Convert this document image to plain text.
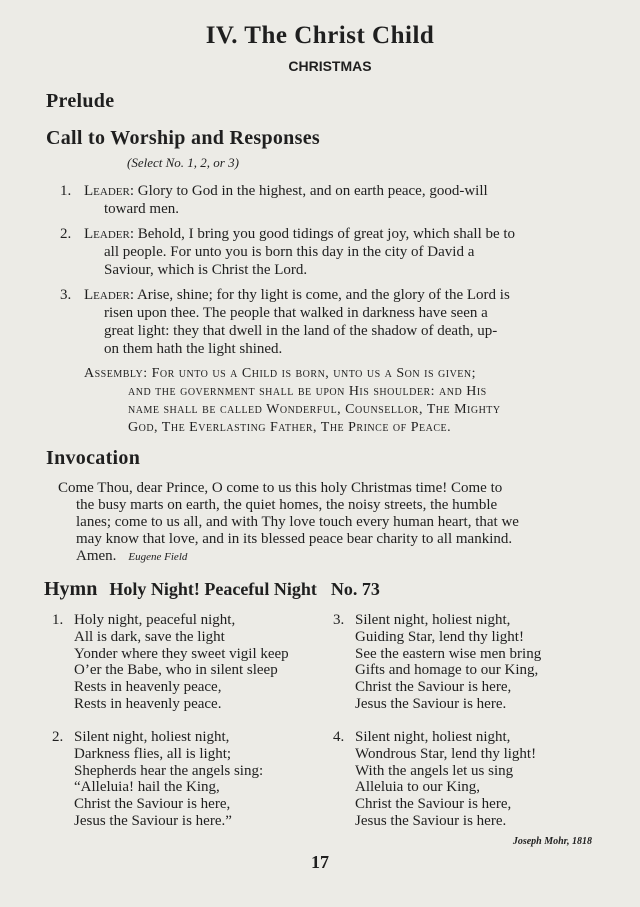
IV. The Christ Child
CHRISTMAS
Prelude
Call to Worship and Responses
(Select No. 1, 2, or 3)
1. Leader: Glory to God in the highest, and on earth peace, good-will
toward men.
2. Leader: Behold, I bring you good tidings of great joy, which shall be to
all people. For unto you is born this day in the city of David a
Saviour, which is Christ the Lord.
3. Leader: Arise, shine; for thy light is come, and the glory of the Lord is
risen upon thee. The people that walked in darkness have seen a
great light: they that dwell in the land of the shadow of death, up-
on them hath the light shined.
Assembly: For unto us a Child is born, unto us a Son is given;
and the government shall be upon His shoulder: and His
name shall be called Wonderful, Counsellor, The Mighty
God, The Everlasting Father, The Prince of Peace.
Invocation
Come Thou, dear Prince, O come to us this holy Christmas time! Come to
the busy marts on earth, the quiet homes, the noisy streets, the humble
lanes; come to us all, and with Thy love touch every human heart, that we
may know that love, and in its blessed peace bear charity to all mankind.
Amen. Eugene Field
Hymn Holy Night! Peaceful Night No. 73
1. Holy night, peaceful night,
All is dark, save the light
Yonder where they sweet vigil keep
O’er the Babe, who in silent sleep
Rests in heavenly peace,
Rests in heavenly peace.
2. Silent night, holiest night,
Darkness flies, all is light;
Shepherds hear the angels sing:
“Alleluia! hail the King,
Christ the Saviour is here,
Jesus the Saviour is here.”
3. Silent night, holiest night,
Guiding Star, lend thy light!
See the eastern wise men bring
Gifts and homage to our King,
Christ the Saviour is here,
Jesus the Saviour is here.
4. Silent night, holiest night,
Wondrous Star, lend thy light!
With the angels let us sing
Alleluia to our King,
Christ the Saviour is here,
Jesus the Saviour is here.
Joseph Mohr, 1818
17
